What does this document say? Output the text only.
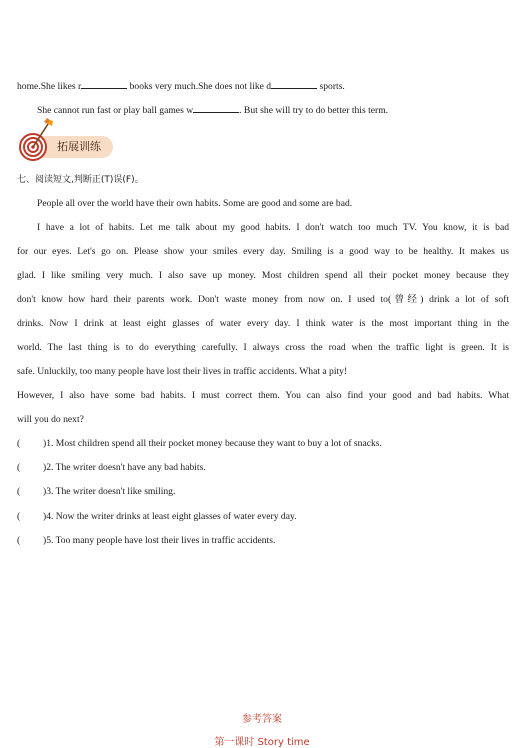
home.She likes r	books very much.She does not like d	sports.
She cannot run fast or play ball games w	. But she will try to do better this term.
拓展训练
七、阅读短文,判断正(T)误(F)。
People all over the world have their own habits. Some are good and some are bad.
I have a lot of habits. Let me talk about my good habits. I don't watch too much TV. You know, it is bad
for our eyes. Let's go on. Please show your smiles every day. Smiling is a good way to be healthy. It makes us
glad. I like smiling very much. I also save up money. Most children spend all their pocket money because they
don't know how hard their parents work. Don't waste money from now on. I used to(曾经) drink a lot of soft
drinks. Now I drink at least eight glasses of water every day. I think water is the most important thing in the
world. The last thing is to do everything carefully. I always cross the road when the traffic light is green. It is
safe. Unluckily, too many people have lost their lives in traffic accidents. What a pity!
However, I also have some bad habits. I must correct them. You can also find your good and bad habits. What
will you do next?
( )1. Most children spend all their pocket money because they want to buy a lot of snacks.
( )2. The writer doesn't have any bad habits.
( )3. The writer doesn't like smiling.
( )4. Now the writer drinks at least eight glasses of water every day.
( )5. Too many people have lost their lives in traffic accidents.
参考答案
第一课时 Story time
